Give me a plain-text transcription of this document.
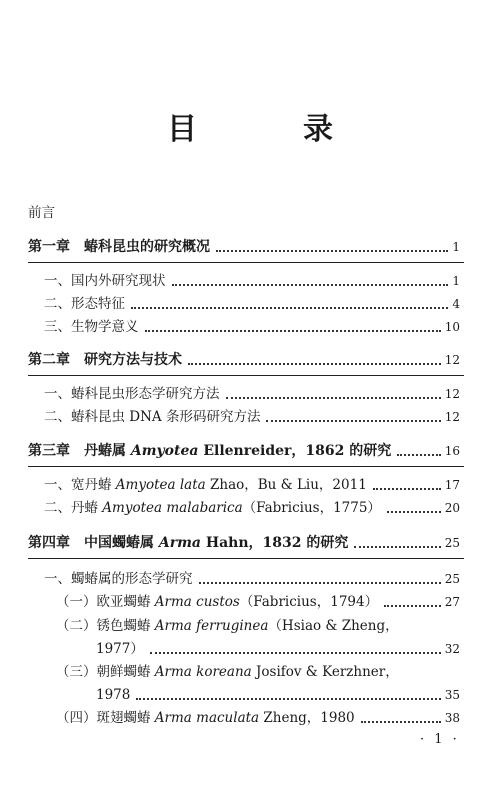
目　录
前言
第一章　蝽科昆虫的研究概况	1
一、国内外研究现状	1
二、形态特征	4
三、生物学意义	10
第二章　研究方法与技术	12
一、蝽科昆虫形态学研究方法	12
二、蝽科昆虫 DNA 条形码研究方法	12
第三章　丹蝽属 Amyotea Ellenreider，1862 的研究	16
一、宽丹蝽 Amyotea lata Zhao，Bu & Liu，2011	17
二、丹蝽 Amyotea malabarica（Fabricius，1775）	20
第四章　中国蠋蝽属 Arma Hahn，1832 的研究	25
一、蠋蝽属的形态学研究	25
（一）欧亚蠋蝽 Arma custos（Fabricius，1794）	27
（二）锈色蠋蝽 Arma ferruginea（Hsiao & Zheng，
1977）	32
（三）朝鲜蠋蝽 Arma koreana Josifov & Kerzhner，
1978	35
（四）斑翅蠋蝽 Arma maculata Zheng，1980	38
· 1 ·
